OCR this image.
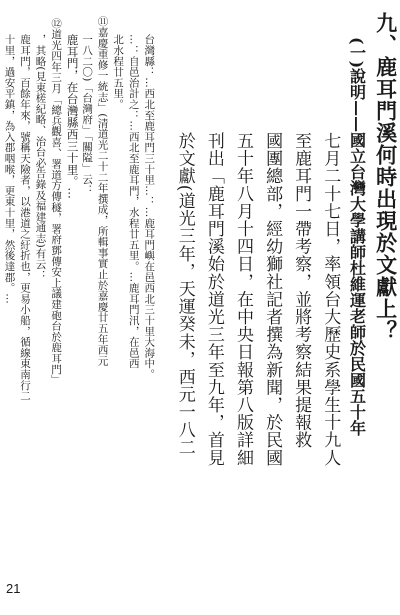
九、鹿耳門溪何時出現於文獻上？

(一)說明——國立台灣大學講師杜維運老師於民國五十年

七月二十七日，率領台大歷史系學生十九人

至鹿耳門一帶考察，並將考察結果提報救

國團總部，經幼獅社記者撰為新聞，於民國

五十年八月十四日，在中央日報第八版詳細

刊出「鹿耳門溪始於道光三年至九年，首見

於文獻(道光三年，天運癸未，西元一八二

台灣縣：…西北至鹿耳門三十里…：…鹿耳門嶼在邑西北三十里大海中。

…：自邑治計之：…西北至鹿耳門，水程廿五里。…鹿耳門汛，在邑西

北水程廿五里。

⑪嘉慶重修一統志」(清道光二十二年撰成，所輯事實止於嘉慶廿五年西元

一八二〇)「台灣府」「關隘」云：

鹿耳門，在台灣縣西三十里。…

⑫道光四年三月「總兵觀喜、署道方傳穟，署府鄧傳安上議建砲台於鹿耳門」

，其略(見東槎紀略、治台必告錄及福建通志)有云：

鹿耳門，百餘年來，號稱天險者，以港道之紆折也，更易小船，循線東南行二

十里，過安平鎮，為入郡咽喉，更東十里，然後達郡。…

21
